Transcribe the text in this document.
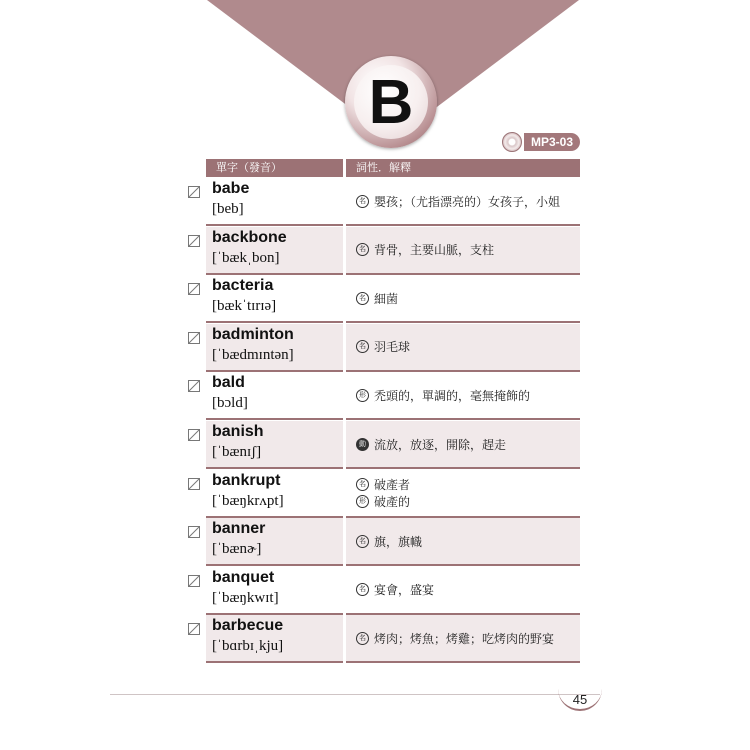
B
MP3-03
單字（發音）	詞性．解釋
babe
[beb]
名 嬰孩；（尤指漂亮的）女孩子，小姐
backbone
[ˈbækˌbon]
名 背骨，主要山脈，支柱
bacteria
[bækˈtɪrɪə]
名 細菌
badminton
[ˈbædmɪntən]
名 羽毛球
bald
[bɔld]
形 禿頭的，單調的，毫無掩飾的
banish
[ˈbænɪʃ]
動 流放，放逐，開除，趕走
bankrupt
[ˈbæŋkrʌpt]
名 破產者
形 破產的
banner
[ˈbænɚ]
名 旗，旗幟
banquet
[ˈbæŋkwɪt]
名 宴會，盛宴
barbecue
[ˈbɑrbɪˌkju]
名 烤肉；烤魚；烤雞；吃烤肉的野宴
45
